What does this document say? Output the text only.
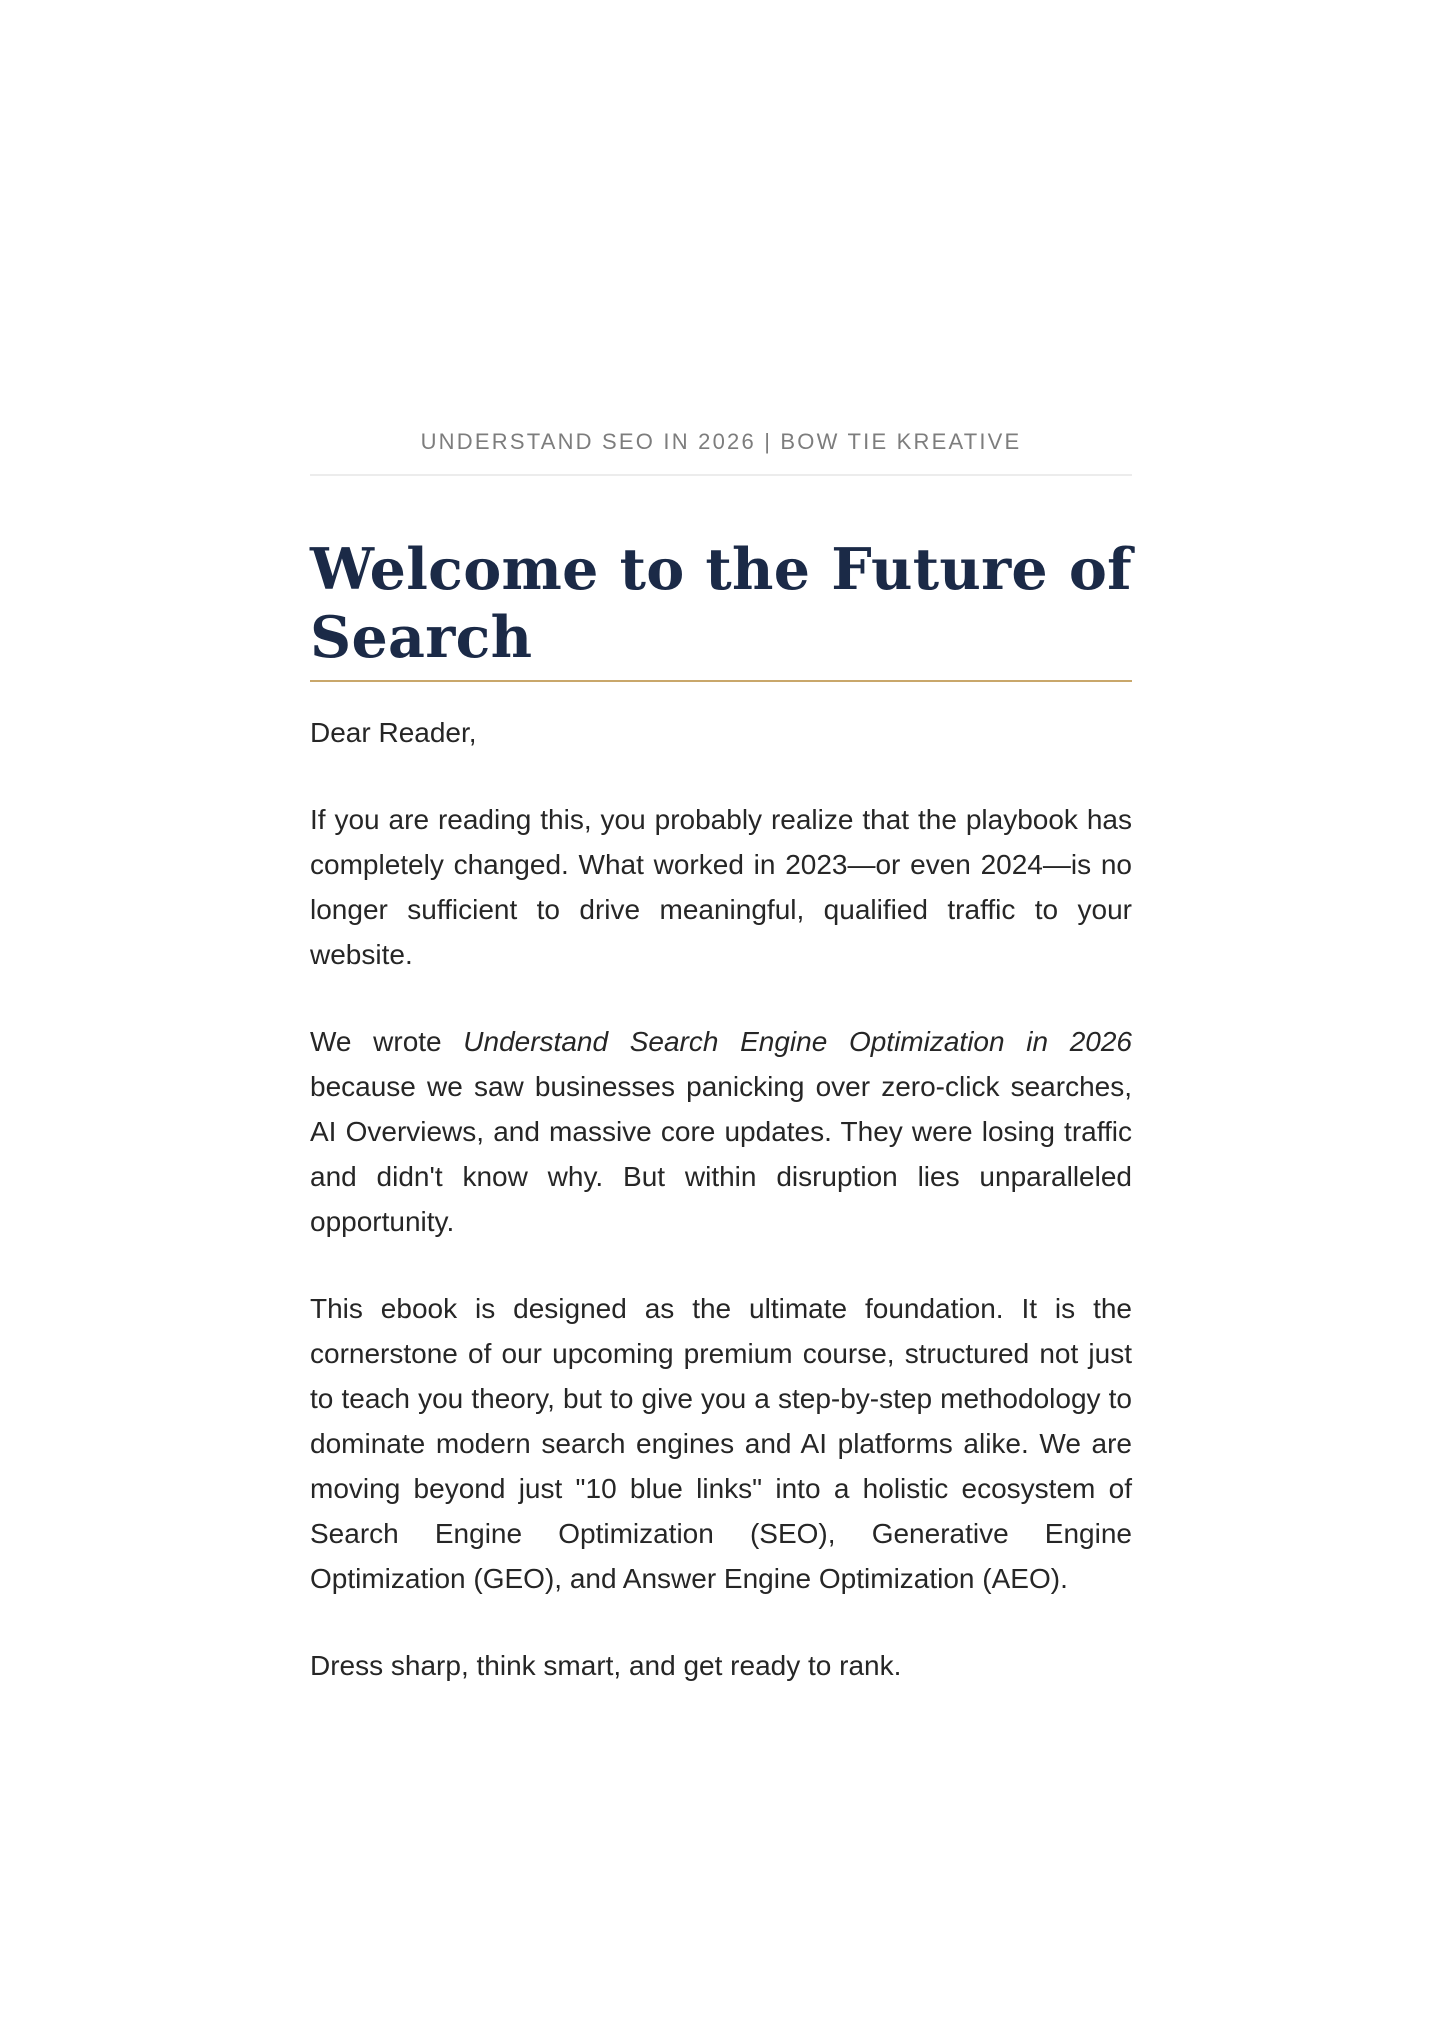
UNDERSTAND SEO IN 2026 | BOW TIE KREATIVE
Welcome to the Future of Search

Dear Reader,

If you are reading this, you probably realize that the playbook has completely changed. What worked in 2023—or even 2024—is no longer sufficient to drive meaningful, qualified traffic to your website.

We wrote Understand Search Engine Optimization in 2026 because we saw businesses panicking over zero-click searches, AI Overviews, and massive core updates. They were losing traffic and didn't know why. But within disruption lies unparalleled opportunity.

This ebook is designed as the ultimate foundation. It is the cornerstone of our upcoming premium course, structured not just to teach you theory, but to give you a step-by-step methodology to dominate modern search engines and AI platforms alike. We are moving beyond just "10 blue links" into a holistic ecosystem of Search Engine Optimization (SEO), Generative Engine Optimization (GEO), and Answer Engine Optimization (AEO).

Dress sharp, think smart, and get ready to rank.
